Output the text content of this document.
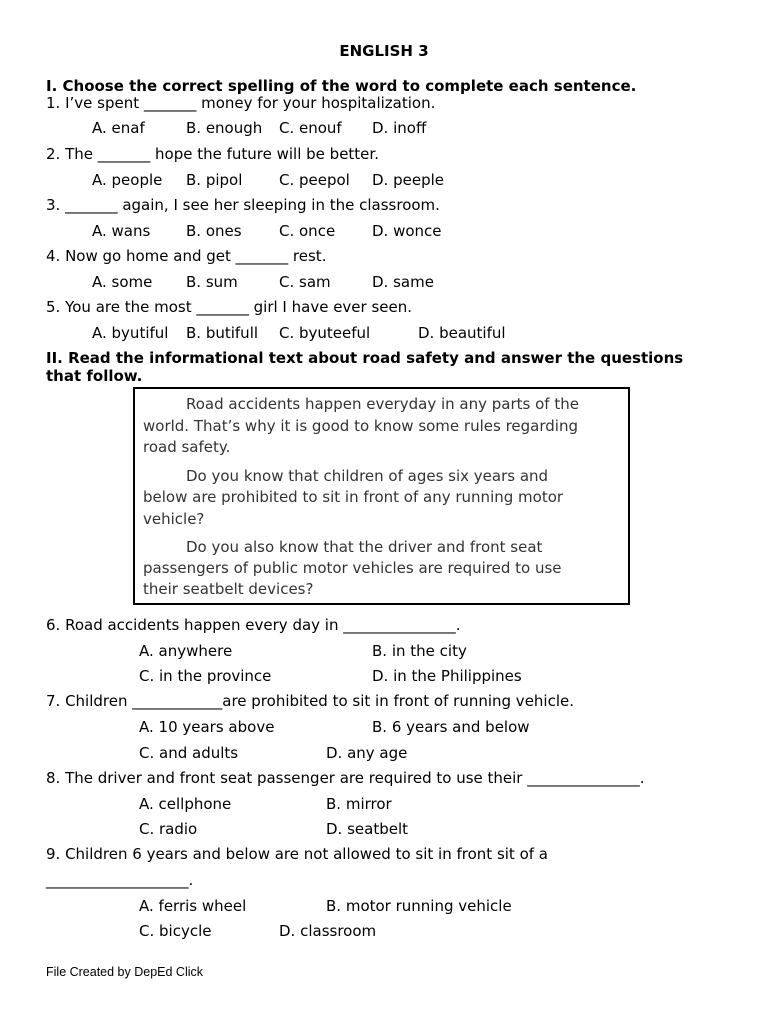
ENGLISH 3
I. Choose the correct spelling of the word to complete each sentence.
1. I’ve spent _______ money for your hospitalization.
A. enaf	B. enough C. enouf D. inoff
2. The _______ hope the future will be better.
A. people B. pipol C. peepol D. peeple
3. _______ again, I see her sleeping in the classroom.
A. wans B. ones C. once D. wonce
4. Now go home and get _______ rest.
A. some B. sum	C. sam	D. same
5. You are the most _______ girl I have ever seen.
A. byutiful B. butifull C. byuteeful	D. beautiful
II. Read the informational text about road safety and answer the questions
that follow.
Road accidents happen everyday in any parts of the
world. That’s why it is good to know some rules regarding
road safety.
Do you know that children of ages six years and
below are prohibited to sit in front of any running motor
vehicle?
Do you also know that the driver and front seat
passengers of public motor vehicles are required to use
their seatbelt devices?
6. Road accidents happen every day in _______________.
A. anywhere	B. in the city
C. in the province	D. in the Philippines
7. Children ____________are prohibited to sit in front of running vehicle.
A. 10 years above	B. 6 years and below
C. and adults	D. any age
8. The driver and front seat passenger are required to use their _______________.
A. cellphone	B. mirror
C. radio	D. seatbelt
9. Children 6 years and below are not allowed to sit in front sit of a
___________________.
A. ferris wheel	B. motor running vehicle
C. bicycle	D. classroom
File Created by DepEd Click
